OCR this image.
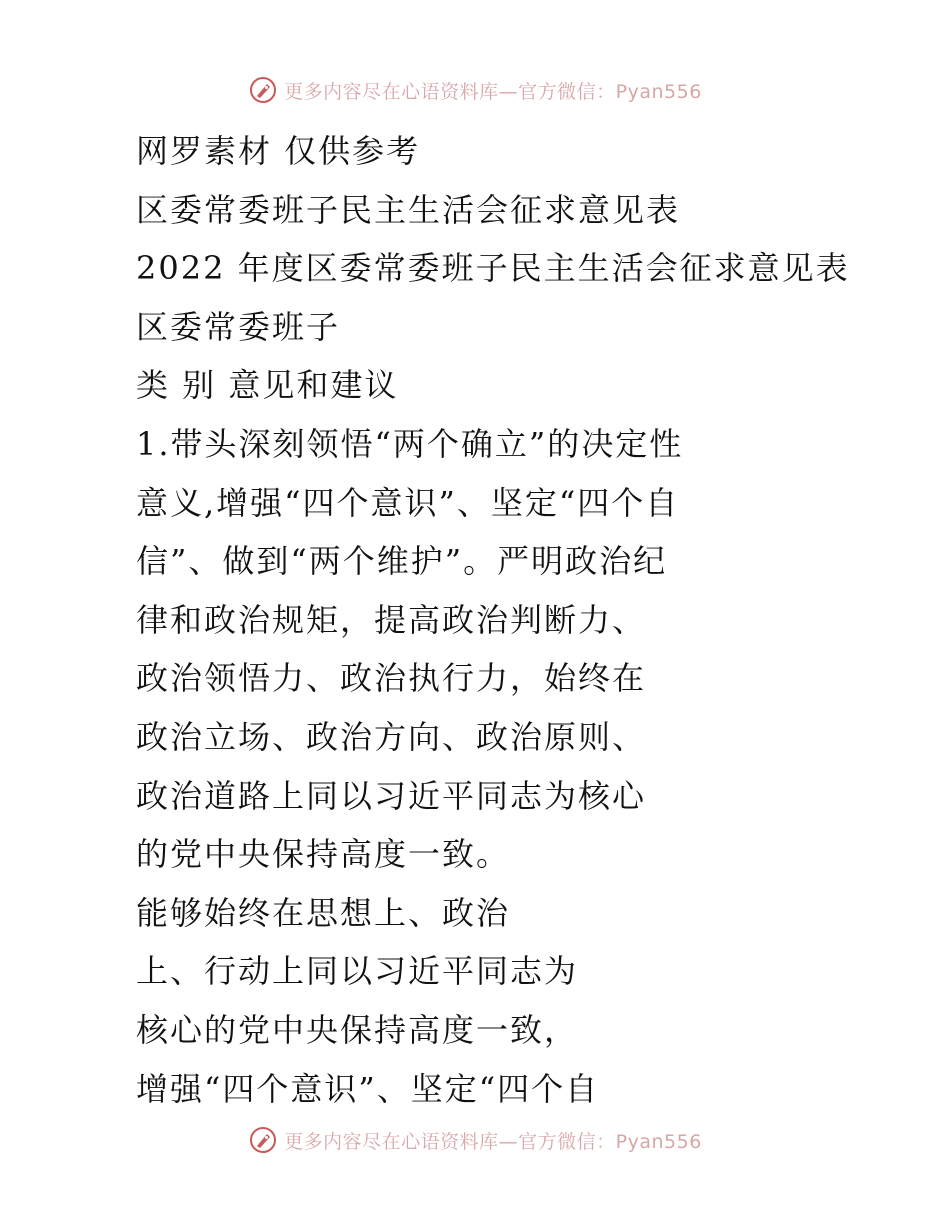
更多内容尽在心语资料库—官方微信：Pyan556
网罗素材 仅供参考
区委常委班子民主生活会征求意见表
2022 年度区委常委班子民主生活会征求意见表
区委常委班子
类 别 意见和建议
1.带头深刻领悟“两个确立”的决定性
意义,增强“四个意识”、坚定“四个自
信”、做到“两个维护”。严明政治纪
律和政治规矩，提高政治判断力、
政治领悟力、政治执行力，始终在
政治立场、政治方向、政治原则、
政治道路上同以习近平同志为核心
的党中央保持高度一致。
能够始终在思想上、政治
上、行动上同以习近平同志为
核心的党中央保持高度一致，
增强“四个意识”、坚定“四个自
更多内容尽在心语资料库—官方微信：Pyan556
